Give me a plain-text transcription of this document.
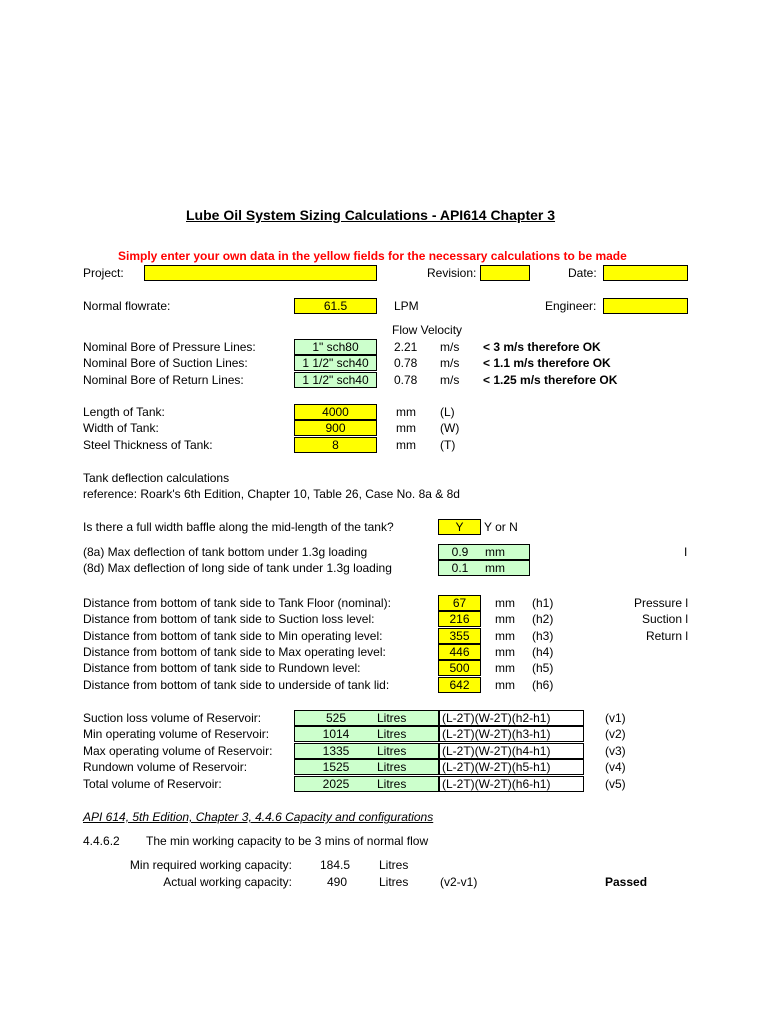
Lube Oil System Sizing Calculations - API614 Chapter 3
Simply enter your own data in the yellow fields for the necessary calculations to be made
Project:	Revision:	Date:
Normal flowrate:	61.5	LPM	Engineer:
Flow Velocity
Nominal Bore of Pressure Lines:	1" sch80	2.21 m/s < 3 m/s therefore OK
Nominal Bore of Suction Lines:	1 1/2" sch40	0.78 m/s < 1.1 m/s therefore OK
Nominal Bore of Return Lines:	1 1/2" sch40	0.78 m/s < 1.25 m/s therefore OK
Length of Tank:	4000	mm (L)
Width of Tank:	900	mm (W)
Steel Thickness of Tank:	8	mm (T)
Tank deflection calculations
reference: Roark's 6th Edition, Chapter 10, Table 26, Case No. 8a & 8d
Is there a full width baffle along the mid-length of the tank?	Y	Y or N
(8a) Max deflection of tank bottom under 1.3g loading	0.9 mm	I
(8d) Max deflection of long side of tank under 1.3g loading	0.1 mm
Distance from bottom of tank side to Tank Floor (nominal):	67	mm (h1)	Pressure l
Distance from bottom of tank side to Suction loss level:	216	mm (h2)	Suction l
Distance from bottom of tank side to Min operating level:	355	mm (h3)	Return l
Distance from bottom of tank side to Max operating level:	446	mm (h4)
Distance from bottom of tank side to Rundown level:	500	mm (h5)
Distance from bottom of tank side to underside of tank lid:	642	mm (h6)
Suction loss volume of Reservoir:	525	Litres	(L-2T)(W-2T)(h2-h1)	(v1)
Min operating volume of Reservoir:	1014 Litres	(L-2T)(W-2T)(h3-h1)	(v2)
Max operating volume of Reservoir:	1335 Litres	(L-2T)(W-2T)(h4-h1)	(v3)
Rundown volume of Reservoir:	1525 Litres	(L-2T)(W-2T)(h5-h1)	(v4)
Total volume of Reservoir:	2025 Litres	(L-2T)(W-2T)(h6-h1)	(v5)
API 614, 5th Edition, Chapter 3, 4.4.6 Capacity and configurations
4.4.6.2 The min working capacity to be 3 mins of normal flow
Min required working capacity: 184.5 Litres
Actual working capacity:	490	Litres	(v2-v1)	Passed
